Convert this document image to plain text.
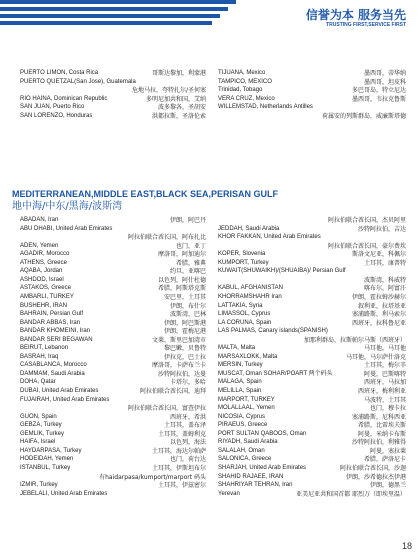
信誉为本 服务当先
TRUSTING FIRST,SERVICE FIRST
PUERTO LIMON, Costa Rica	哥斯达黎加，利蒙港
PUERTO QUETZAL(San Jose), Guatemala
危地马拉，夸特扎尔/圣何塞
RIO HAINA, Dominican Republic	多明尼加共和国，艾纳
SAN JUAN, Puerto Rico	波多黎各，圣胡安
SAN LORENZO, Honduras	洪都拉斯，圣洛伦索
TIJUANA, Mexico	墨西哥，蒂华纳
TAMPICO, MEXICO	墨西哥，坦皮科
Trinidad, Tobago	多巴哥岛，特立尼达
VERA CRUZ, Mexico	墨西哥，韦拉克鲁斯
WILLEMSTAD, Netherlands Antilles
荷属安的列斯群岛，威廉斯塔德
MEDITERRANEAN,MIDDLE EAST,BLACK SEA,PERISAN GULF
地中海/中东/黑海/波斯湾
ABADAN, Iran	伊朗，阿巴丹
ABU DHABI, United Arab Emirates
阿拉伯联合酋长国，阿布扎比
ADEN, Yemen	也门，亚丁
AGADIR, Morocco	摩洛哥，阿加迪尔
ATHENS, Greece	希腊，雅典
AQABA, Jordan	约旦，亚喀巴
ASHDOD, Israel	以色列，阿什杜德
ASTAKOS, Greece	希腊，阿斯塔克斯
AMBARLI, TURKEY	安巴里，土耳其
BUSHEHR, IRAN	伊朗，布什尔
BAHRAIN, Persian Gulf	波斯湾，巴林
BANDAR ABBAS, Iran	伊朗，阿巴斯港
BANDAR KHOMEINI, Iran	伊朗，霍梅尼港
BANDAR SERI BEGAWAN	文莱，斯里巴加湾市
BEIRUT, Lebanon	黎巴嫩，贝鲁特
BASRAH, Iraq	伊拉克，巴士拉
CASABLANCA, Morocco	摩洛哥，卡萨布兰卡
DAMMAM, Saudi Arabia	沙特阿拉伯，达曼
DOHA, Qatar	卡塔尔，多哈
DUBAI, United Arab Emirates	阿拉伯联合酋长国，迪拜
FUJAIRAH, United Arab Emirates
阿拉伯联合酋长国，富查伊拉
GUON, Spain	西班牙，希洪
GEBZA, Turkey	土耳其，盖布泽
GEMLIK, Turkey	土耳其，盖姆利克
HAIFA, Israel	以色列，海法
HAYDARPASA, Turkey	土耳其，海达尔帕萨
HODEIDAH, Yemen	也门，荷台达
ISTANBUL, Turkey	土耳其，伊斯坦布尔
有haidarpasa/kumport/marport 码头
IZMIR, Turkey	土耳其，伊兹密尔
JEBELALI, United Arab Emirates
阿拉伯联合酋长国，杰贝阿里
JEDDAH, Saudi Arabia	沙特阿拉伯，吉达
KHOR FAKKAN, United Arab Emirates
阿拉伯联合酋长国，豪尔费坎
KOPER, Slovenia	斯洛文尼亚，科佩尔
KUMPORT, Turkey	土耳其，康普特
KUWAIT(SHUWAIKH)/(SHUAIBA)/ Persian Gulf
波斯湾，科威特
KABUL, AFGHANISTAN	喀布尔，阿富汗
KHORRAMSHAHR Iran	伊朗，霍拉姆沙赫尔
LATTAKIA, Syria	叙利亚，拉塔基亚
LIMASSOL, Cyprus	塞浦路斯，利马索尔
LA CORUNA, Spain	西班牙，拉科鲁尼亚
LAS PALMAS, Canary islands(SPANISH)
加那利群岛，拉斯帕尔马斯（西班牙）
MALTA, Malta	马耳他，马耳他
MARSAXLOKK, Malta	马耳他，马尔萨什洛克
MERSIN, Turkey	土耳其，梅尔辛
MUSCAT, Oman SOHAR/POART 两个码头	阿曼，巴斯喀特
MALAGA, Spain	西班牙，马拉加
MELILLA, Spain	西班牙，梅利利亚
MARPORT, TURKEY	马波特，土耳其
MOLALLAAL, Yemen	也门，穆卡拉
NICOSIA, Cyprus	塞浦路斯，尼科西亚
PIRAEUS, Greece	希腊，比雷埃夫斯
PORT SULTAN QABOOS, Oman	阿曼，米纳卡布斯
RIYADH, Saudi Arabia	沙特阿拉伯，利雅得
SALALAH, Oman	阿曼，塞拉莱
SALONICA, Greece	希腊，萨洛尼卡
SHARJAH, United Arab Emirates	阿拉伯联合酋长国，沙迦
SHAHID RAJAEE, IRAN	伊朗，沙希德拉杰伊港
SHAHRIYAR TEHRAN, Iran	伊朗，德黑兰
Yerevan	亚美尼亚共和国首都 耶烈万（即埃里温）
18
